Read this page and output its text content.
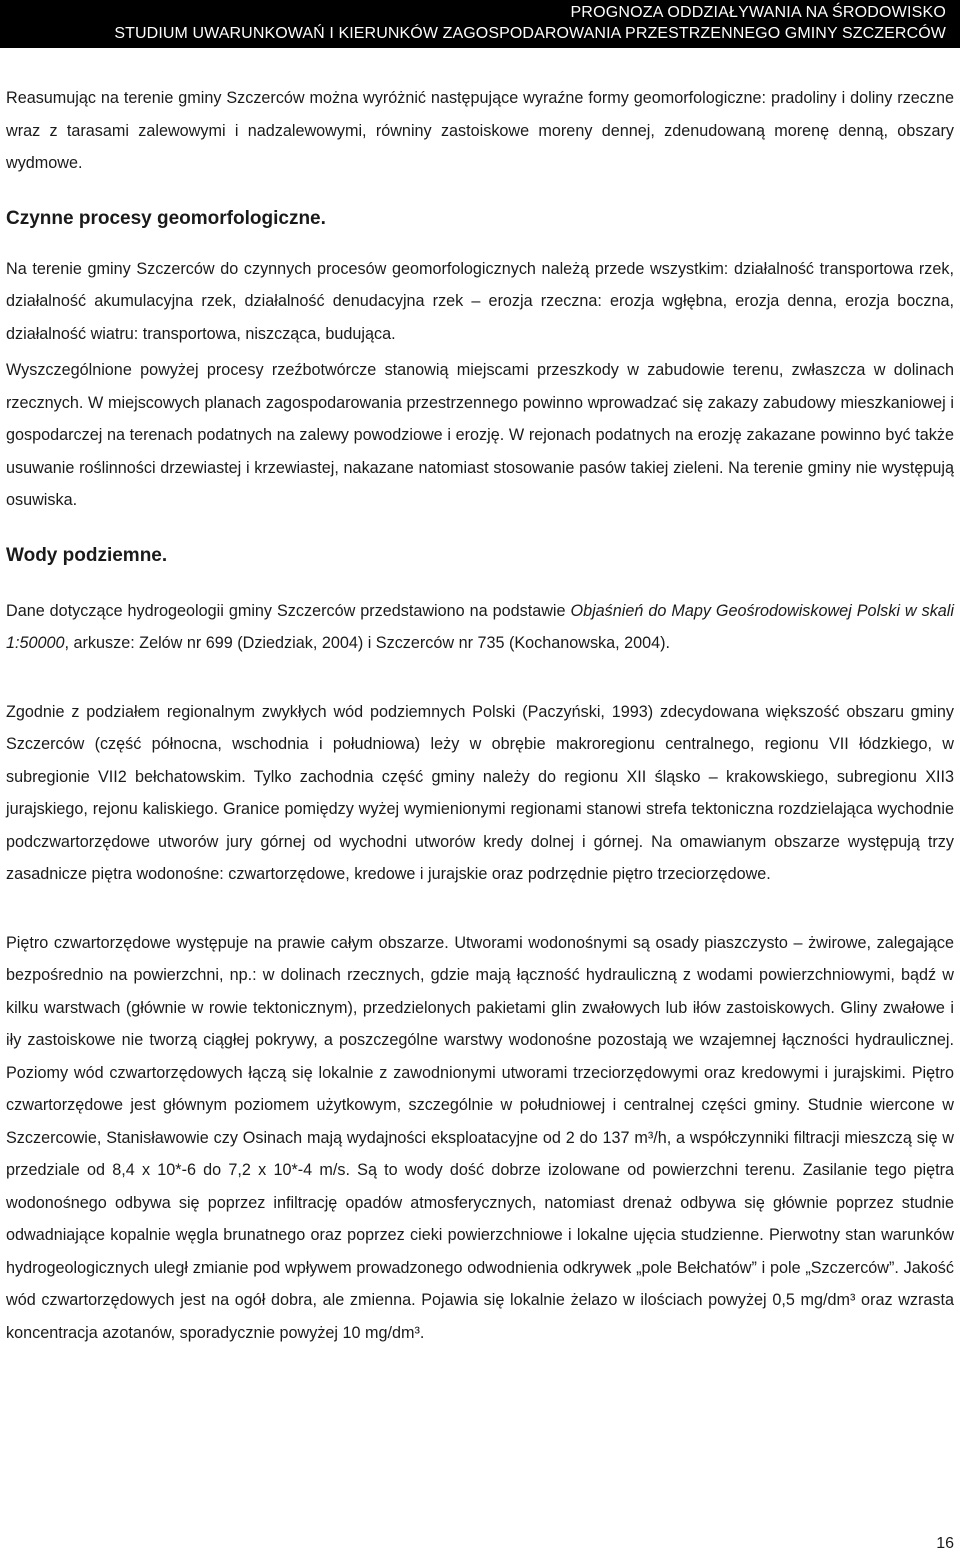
PROGNOZA ODDZIAŁYWANIA NA ŚRODOWISKO
STUDIUM UWARUNKOWAŃ I KIERUNKÓW ZAGOSPODAROWANIA PRZESTRZENNEGO GMINY SZCZERCÓW

Reasumując na terenie gminy Szczerców można wyróżnić następujące wyraźne formy geomorfologiczne: pradoliny i doliny rzeczne wraz z tarasami zalewowymi i nadzalewowymi, równiny zastoiskowe moreny dennej, zdenudowaną morenę denną, obszary wydmowe.

Czynne procesy geomorfologiczne.

Na terenie gminy Szczerców do czynnych procesów geomorfologicznych należą przede wszystkim: działalność transportowa rzek, działalność akumulacyjna rzek, działalność denudacyjna rzek – erozja rzeczna: erozja wgłębna, erozja denna, erozja boczna, działalność wiatru: transportowa, niszcząca, budująca.

Wyszczególnione powyżej procesy rzeźbotwórcze stanowią miejscami przeszkody w zabudowie terenu, zwłaszcza w dolinach rzecznych. W miejscowych planach zagospodarowania przestrzennego powinno wprowadzać się zakazy zabudowy mieszkaniowej i gospodarczej na terenach podatnych na zalewy powodziowe i erozję. W rejonach podatnych na erozję zakazane powinno być także usuwanie roślinności drzewiastej i krzewiastej, nakazane natomiast stosowanie pasów takiej zieleni. Na terenie gminy nie występują osuwiska.

Wody podziemne.

Dane dotyczące hydrogeologii gminy Szczerców przedstawiono na podstawie Objaśnień do Mapy Geośrodowiskowej Polski w skali 1:50000, arkusze: Zelów nr 699 (Dziedziak, 2004) i Szczerców nr 735 (Kochanowska, 2004).

Zgodnie z podziałem regionalnym zwykłych wód podziemnych Polski (Paczyński, 1993) zdecydowana większość obszaru gminy Szczerców (część północna, wschodnia i południowa) leży w obrębie makroregionu centralnego, regionu VII łódzkiego, w subregionie VII2 bełchatowskim. Tylko zachodnia część gminy należy do regionu XII śląsko – krakowskiego, subregionu XII3 jurajskiego, rejonu kaliskiego. Granice pomiędzy wyżej wymienionymi regionami stanowi strefa tektoniczna rozdzielająca wychodnie podczwartorzędowe utworów jury górnej od wychodni utworów kredy dolnej i górnej. Na omawianym obszarze występują trzy zasadnicze piętra wodonośne: czwartorzędowe, kredowe i jurajskie oraz podrzędnie piętro trzeciorzędowe.

Piętro czwartorzędowe występuje na prawie całym obszarze. Utworami wodonośnymi są osady piaszczysto – żwirowe, zalegające bezpośrednio na powierzchni, np.: w dolinach rzecznych, gdzie mają łączność hydrauliczną z wodami powierzchniowymi, bądź w kilku warstwach (głównie w rowie tektonicznym), przedzielonych pakietami glin zwałowych lub iłów zastoiskowych. Gliny zwałowe i iły zastoiskowe nie tworzą ciągłej pokrywy, a poszczególne warstwy wodonośne pozostają we wzajemnej łączności hydraulicznej. Poziomy wód czwartorzędowych łączą się lokalnie z zawodnionymi utworami trzeciorzędowymi oraz kredowymi i jurajskimi. Piętro czwartorzędowe jest głównym poziomem użytkowym, szczególnie w południowej i centralnej części gminy. Studnie wiercone w Szczercowie, Stanisławowie czy Osinach mają wydajności eksploatacyjne od 2 do 137 m³/h, a współczynniki filtracji mieszczą się w przedziale od 8,4 x 10*-6 do 7,2 x 10*-4 m/s. Są to wody dość dobrze izolowane od powierzchni terenu. Zasilanie tego piętra wodonośnego odbywa się poprzez infiltrację opadów atmosferycznych, natomiast drenaż odbywa się głównie poprzez studnie odwadniające kopalnie węgla brunatnego oraz poprzez cieki powierzchniowe i lokalne ujęcia studzienne. Pierwotny stan warunków hydrogeologicznych uległ zmianie pod wpływem prowadzonego odwodnienia odkrywek „pole Bełchatów” i pole „Szczerców”. Jakość wód czwartorzędowych jest na ogół dobra, ale zmienna. Pojawia się lokalnie żelazo w ilościach powyżej 0,5 mg/dm³ oraz wzrasta koncentracja azotanów, sporadycznie powyżej 10 mg/dm³.

16
